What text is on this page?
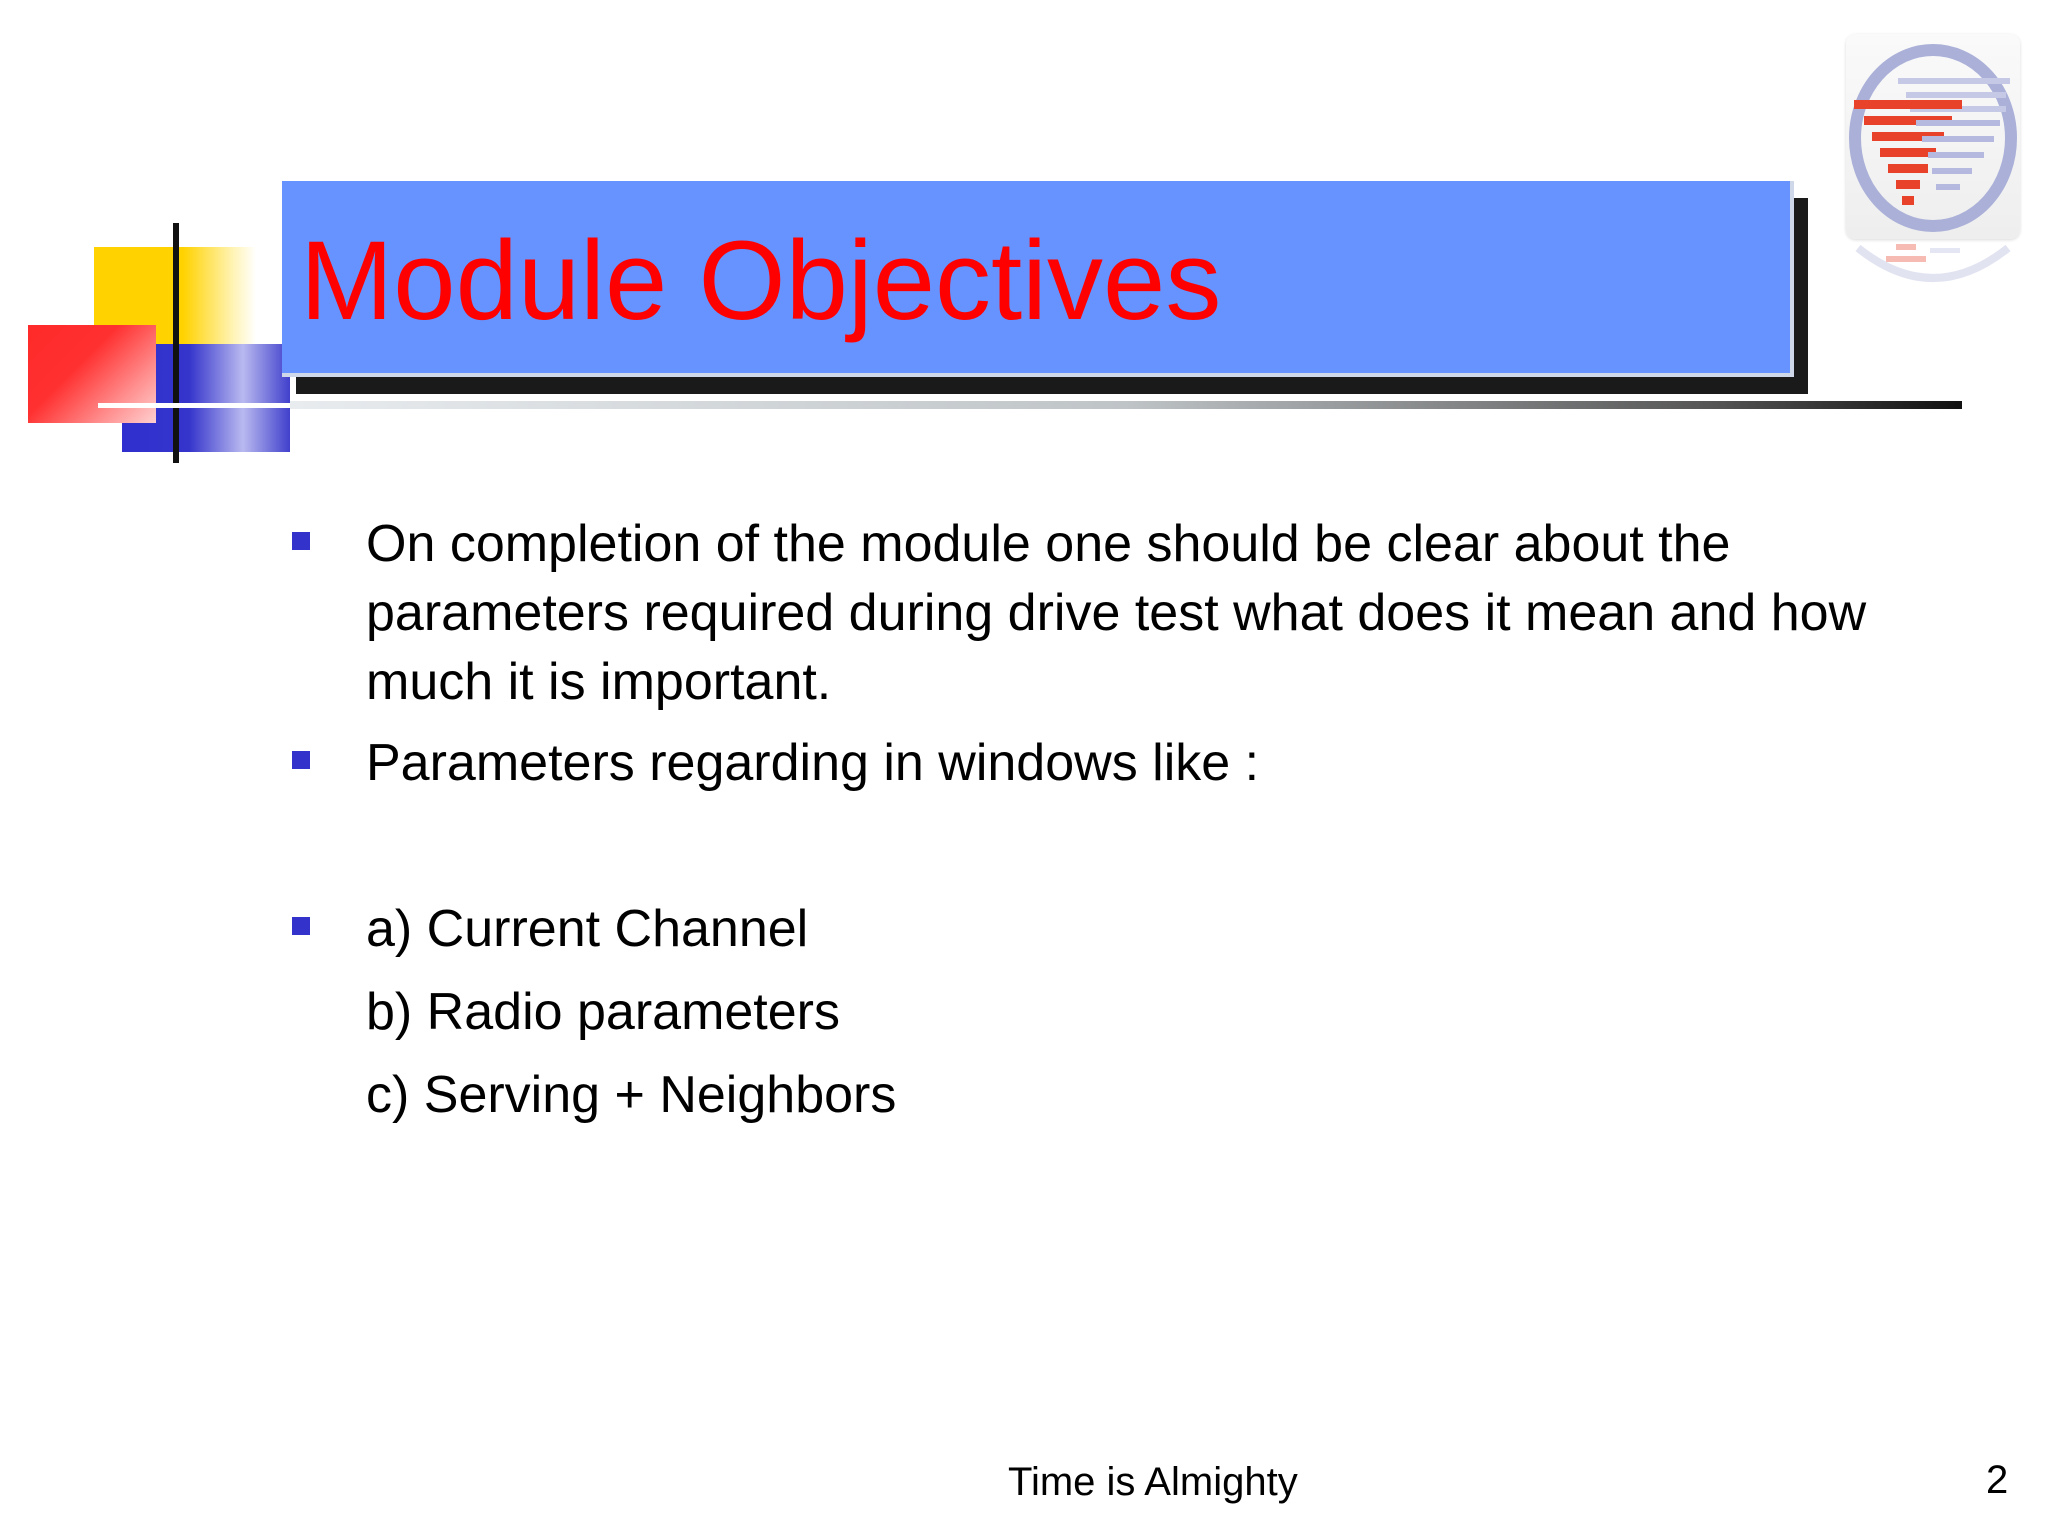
Module Objectives
On completion of the module one should be clear about the parameters required during drive test what does it mean and how much it is important.
Parameters regarding in windows like :
a) Current Channel
b) Radio parameters
c) Serving + Neighbors
Time is Almighty	2
